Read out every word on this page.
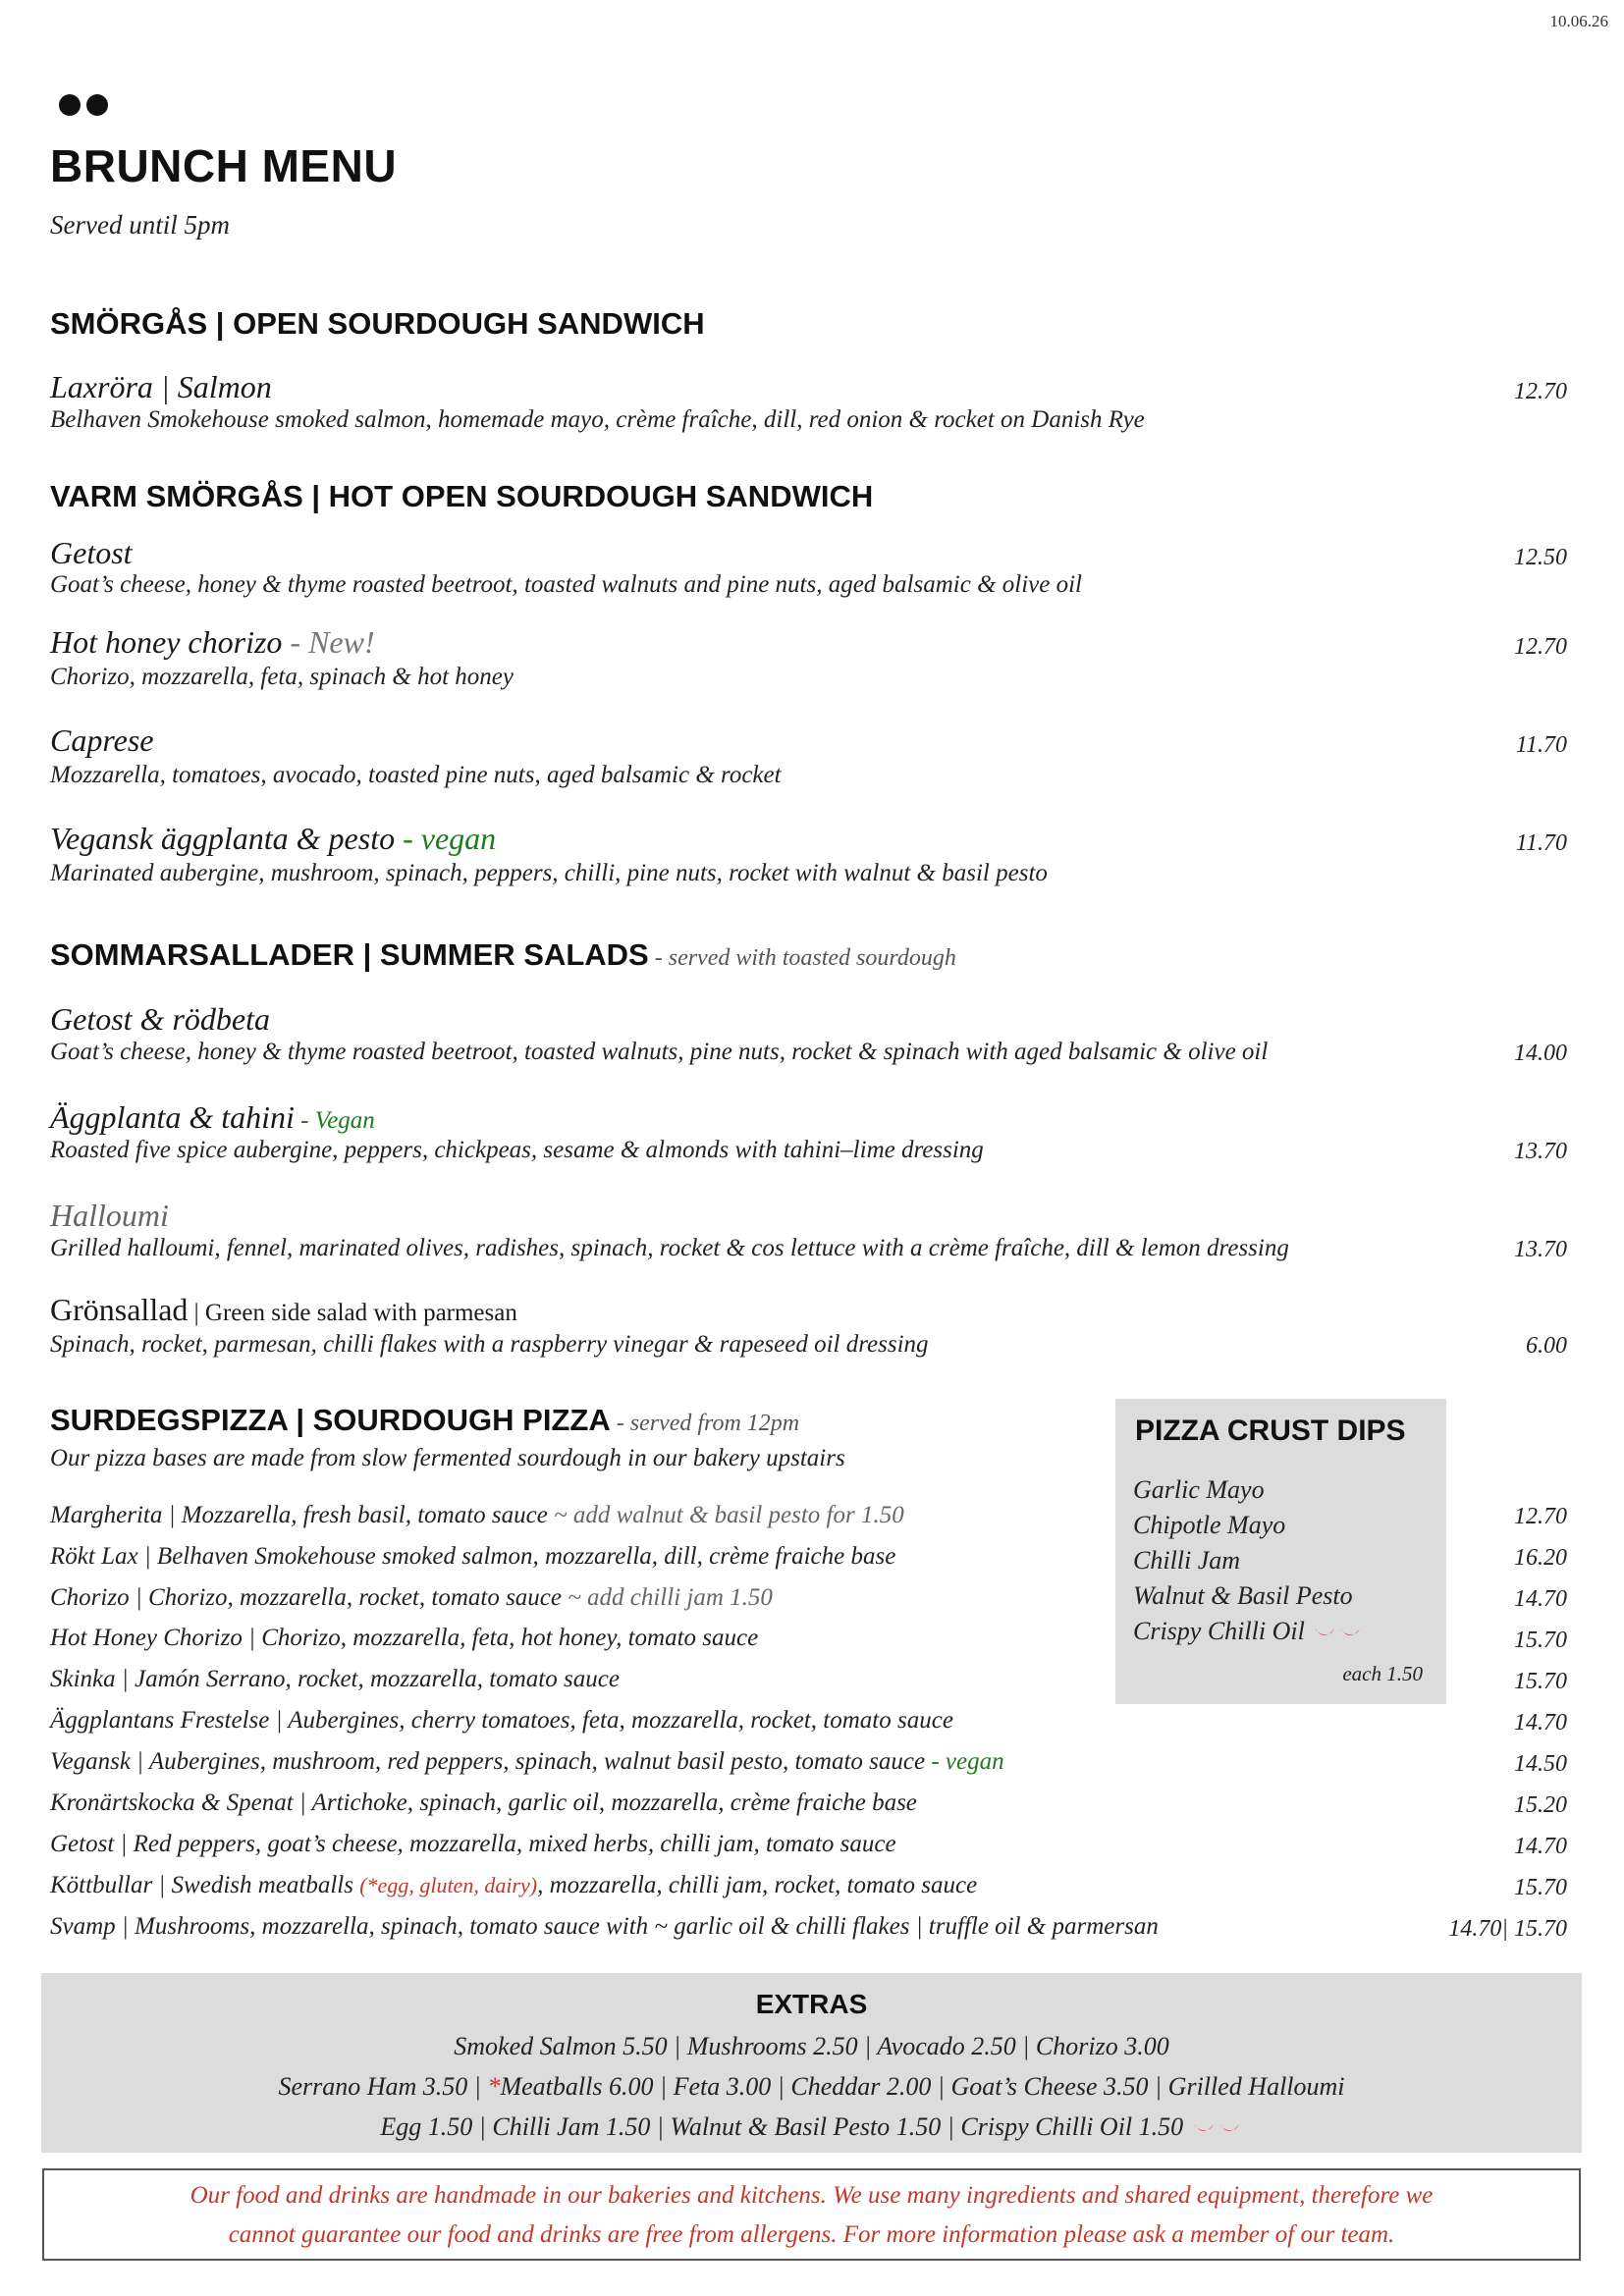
10.06.26
BRUNCH MENU
Served until 5pm
SMÖRGÅS | OPEN SOURDOUGH SANDWICH
Laxröra | Salmon
Belhaven Smokehouse smoked salmon, homemade mayo, crème fraîche, dill, red onion & rocket on Danish Rye
12.70
VARM SMÖRGÅS | HOT OPEN SOURDOUGH SANDWICH
Getost
Goat’s cheese, honey & thyme roasted beetroot, toasted walnuts and pine nuts, aged balsamic & olive oil
12.50
Hot honey chorizo - New!
Chorizo, mozzarella, feta, spinach & hot honey
12.70
Caprese
Mozzarella, tomatoes, avocado, toasted pine nuts, aged balsamic & rocket
11.70
Vegansk äggplanta & pesto - vegan
Marinated aubergine, mushroom, spinach, peppers, chilli, pine nuts, rocket with walnut & basil pesto
11.70
SOMMARSALLADER | SUMMER SALADS - served with toasted sourdough
Getost & rödbeta
Goat’s cheese, honey & thyme roasted beetroot, toasted walnuts, pine nuts, rocket & spinach with aged balsamic & olive oil	14.00
Äggplanta & tahini - Vegan
Roasted five spice aubergine, peppers, chickpeas, sesame & almonds with tahini–lime dressing	13.70
Halloumi
Grilled halloumi, fennel, marinated olives, radishes, spinach, rocket & cos lettuce with a crème fraîche, dill & lemon dressing	13.70
Grönsallad | Green side salad with parmesan
Spinach, rocket, parmesan, chilli flakes with a raspberry vinegar & rapeseed oil dressing	6.00
SURDEGSPIZZA | SOURDOUGH PIZZA - served from 12pm
Our pizza bases are made from slow fermented sourdough in our bakery upstairs
Margherita | Mozzarella, fresh basil, tomato sauce ~ add walnut & basil pesto for 1.50	12.70
Rökt Lax | Belhaven Smokehouse smoked salmon, mozzarella, dill, crème fraiche base	16.20
Chorizo | Chorizo, mozzarella, rocket, tomato sauce ~ add chilli jam 1.50	14.70
Hot Honey Chorizo | Chorizo, mozzarella, feta, hot honey, tomato sauce	15.70
Skinka | Jamón Serrano, rocket, mozzarella, tomato sauce	15.70
Äggplantans Frestelse | Aubergines, cherry tomatoes, feta, mozzarella, rocket, tomato sauce	14.70
Vegansk | Aubergines, mushroom, red peppers, spinach, walnut basil pesto, tomato sauce - vegan	14.50
Kronärtskocka & Spenat | Artichoke, spinach, garlic oil, mozzarella, crème fraiche base	15.20
Getost | Red peppers, goat’s cheese, mozzarella, mixed herbs, chilli jam, tomato sauce	14.70
Köttbullar | Swedish meatballs (*egg, gluten, dairy), mozzarella, chilli jam, rocket, tomato sauce	15.70
Svamp | Mushrooms, mozzarella, spinach, tomato sauce with ~ garlic oil & chilli flakes | truffle oil & parmersan	14.70| 15.70
PIZZA CRUST DIPS
Garlic Mayo
Chipotle Mayo
Chilli Jam
Walnut & Basil Pesto
Crispy Chilli Oil
each 1.50
EXTRAS
Smoked Salmon 5.50 | Mushrooms 2.50 | Avocado 2.50 | Chorizo 3.00
Serrano Ham 3.50 | *Meatballs 6.00 | Feta 3.00 | Cheddar 2.00 | Goat’s Cheese 3.50 | Grilled Halloumi
Egg 1.50 | Chilli Jam 1.50 | Walnut & Basil Pesto 1.50 | Crispy Chilli Oil 1.50
Our food and drinks are handmade in our bakeries and kitchens. We use many ingredients and shared equipment, therefore we
cannot guarantee our food and drinks are free from allergens. For more information please ask a member of our team.
